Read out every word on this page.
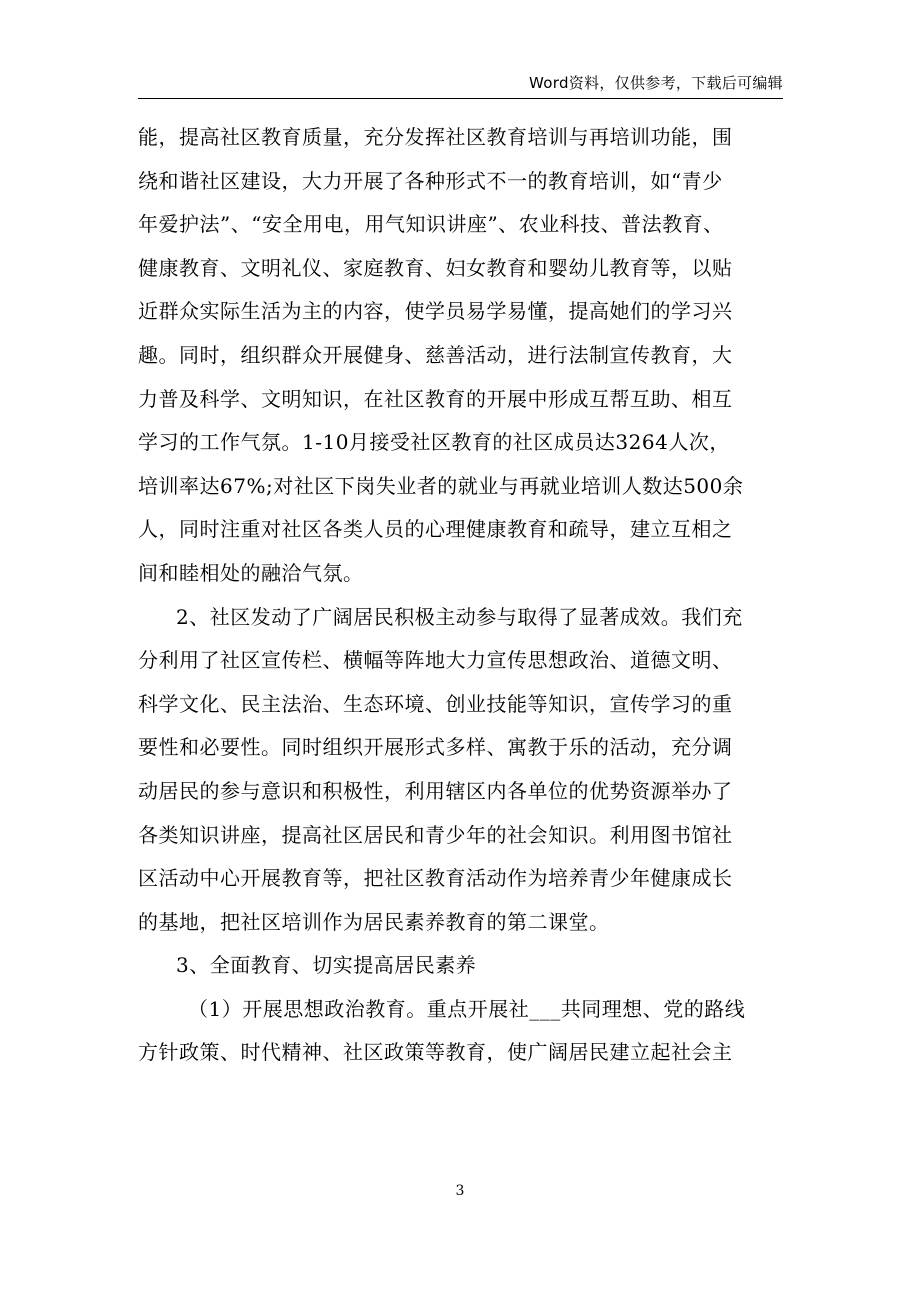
Word资料，仅供参考，下载后可编辑
能，提高社区教育质量，充分发挥社区教育培训与再培训功能，围
绕和谐社区建设，大力开展了各种形式不一的教育培训，如“青少
年爱护法”、“安全用电，用气知识讲座”、农业科技、普法教育、
健康教育、文明礼仪、家庭教育、妇女教育和婴幼儿教育等，以贴
近群众实际生活为主的内容，使学员易学易懂，提高她们的学习兴
趣。同时，组织群众开展健身、慈善活动，进行法制宣传教育，大
力普及科学、文明知识，在社区教育的开展中形成互帮互助、相互
学习的工作气氛。1-10月接受社区教育的社区成员达3264人次，
培训率达67%;对社区下岗失业者的就业与再就业培训人数达500余
人，同时注重对社区各类人员的心理健康教育和疏导，建立互相之
间和睦相处的融洽气氛。
2、社区发动了广阔居民积极主动参与取得了显著成效。我们充
分利用了社区宣传栏、横幅等阵地大力宣传思想政治、道德文明、
科学文化、民主法治、生态环境、创业技能等知识，宣传学习的重
要性和必要性。同时组织开展形式多样、寓教于乐的活动，充分调
动居民的参与意识和积极性，利用辖区内各单位的优势资源举办了
各类知识讲座，提高社区居民和青少年的社会知识。利用图书馆社
区活动中心开展教育等，把社区教育活动作为培养青少年健康成长
的基地，把社区培训作为居民素养教育的第二课堂。
3、全面教育、切实提高居民素养
（1）开展思想政治教育。重点开展社___共同理想、党的路线
方针政策、时代精神、社区政策等教育，使广阔居民建立起社会主
3
